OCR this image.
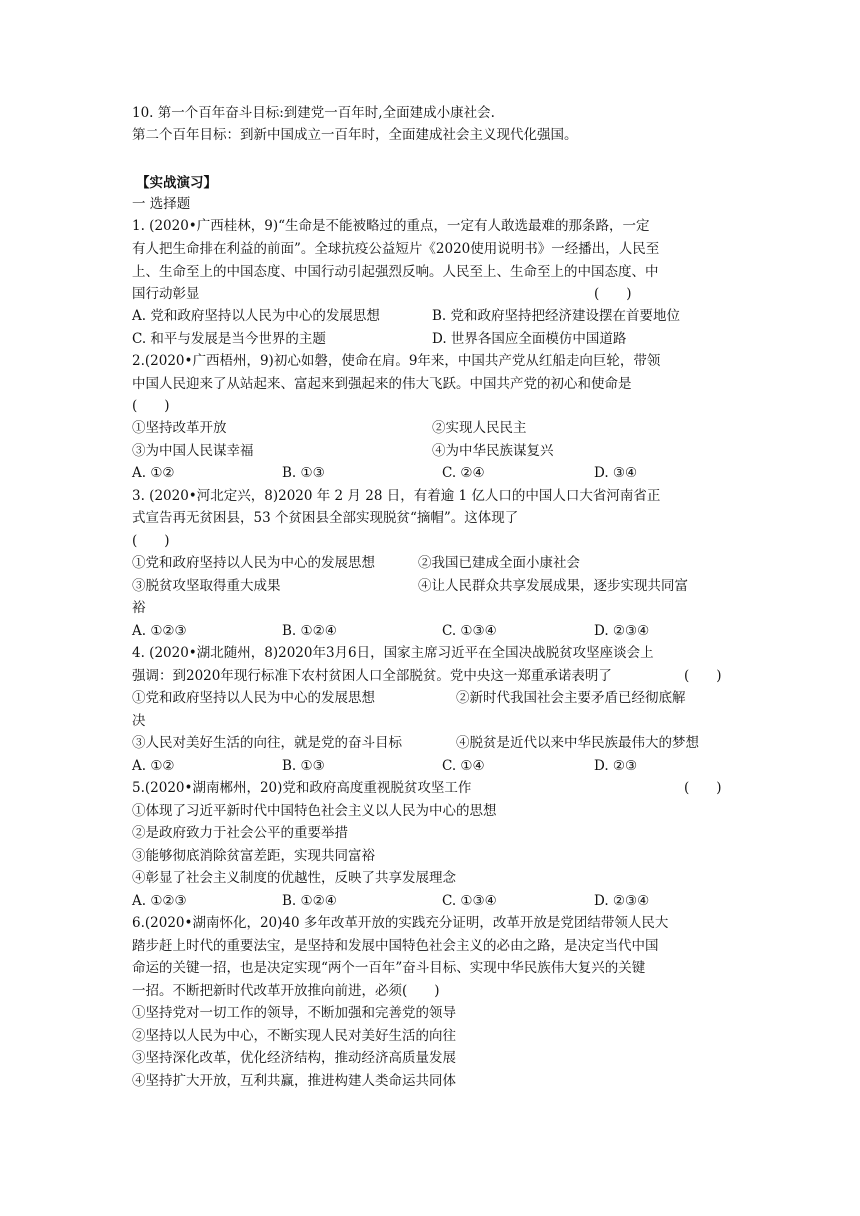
10. 第一个百年奋斗目标:到建党一百年时,全面建成小康社会.
第二个百年目标：到新中国成立一百年时，全面建成社会主义现代化强国。
【实战演习】
一 选择题
1. (2020•广西桂林，9)“生命是不能被略过的重点，一定有人敢选最难的那条路，一定
有人把生命排在利益的前面”。全球抗疫公益短片《2020使用说明书》一经播出，人民至
上、生命至上的中国态度、中国行动引起强烈反响。人民至上、生命至上的中国态度、中
国行动彰显	(　　)
A. 党和政府坚持以人民为中心的发展思想	B. 党和政府坚持把经济建设摆在首要地位
C. 和平与发展是当今世界的主题	D. 世界各国应全面模仿中国道路
2.(2020•广西梧州，9)初心如磐，使命在肩。9年来，中国共产党从红船走向巨轮，带领
中国人民迎来了从站起来、富起来到强起来的伟大飞跃。中国共产党的初心和使命是
(　　)
①坚持改革开放	②实现人民民主
③为中国人民谋幸福	④为中华民族谋复兴
A. ①②	B. ①③	C. ②④	D. ③④
3. (2020•河北定兴，8)2020 年 2 月 28 日，有着逾 1 亿人口的中国人口大省河南省正
式宣告再无贫困县，53 个贫困县全部实现脱贫“摘帽”。这体现了
(　　)
①党和政府坚持以人民为中心的发展思想	②我国已建成全面小康社会
③脱贫攻坚取得重大成果	④让人民群众共享发展成果，逐步实现共同富
裕
A. ①②③	B. ①②④	C. ①③④	D. ②③④
4. (2020•湖北随州，8)2020年3月6日，国家主席习近平在全国决战脱贫攻坚座谈会上
强调：到2020年现行标准下农村贫困人口全部脱贫。党中央这一郑重承诺表明了	(　　)
①党和政府坚持以人民为中心的发展思想	②新时代我国社会主要矛盾已经彻底解
决
③人民对美好生活的向往，就是党的奋斗目标	④脱贫是近代以来中华民族最伟大的梦想
A. ①②	B. ①③	C. ①④	D. ②③
5.(2020•湖南郴州，20)党和政府高度重视脱贫攻坚工作	(　　)
①体现了习近平新时代中国特色社会主义以人民为中心的思想
②是政府致力于社会公平的重要举措
③能够彻底消除贫富差距，实现共同富裕
④彰显了社会主义制度的优越性，反映了共享发展理念
A. ①②③	B. ①②④	C. ①③④	D. ②③④
6.(2020•湖南怀化，20)40 多年改革开放的实践充分证明，改革开放是党团结带领人民大
踏步赶上时代的重要法宝，是坚持和发展中国特色社会主义的必由之路，是决定当代中国
命运的关键一招，也是决定实现“两个一百年”奋斗目标、实现中华民族伟大复兴的关键
一招。不断把新时代改革开放推向前进，必须(　　)
①坚持党对一切工作的领导，不断加强和完善党的领导
②坚持以人民为中心，不断实现人民对美好生活的向往
③坚持深化改革，优化经济结构，推动经济高质量发展
④坚持扩大开放，互利共赢，推进构建人类命运共同体
